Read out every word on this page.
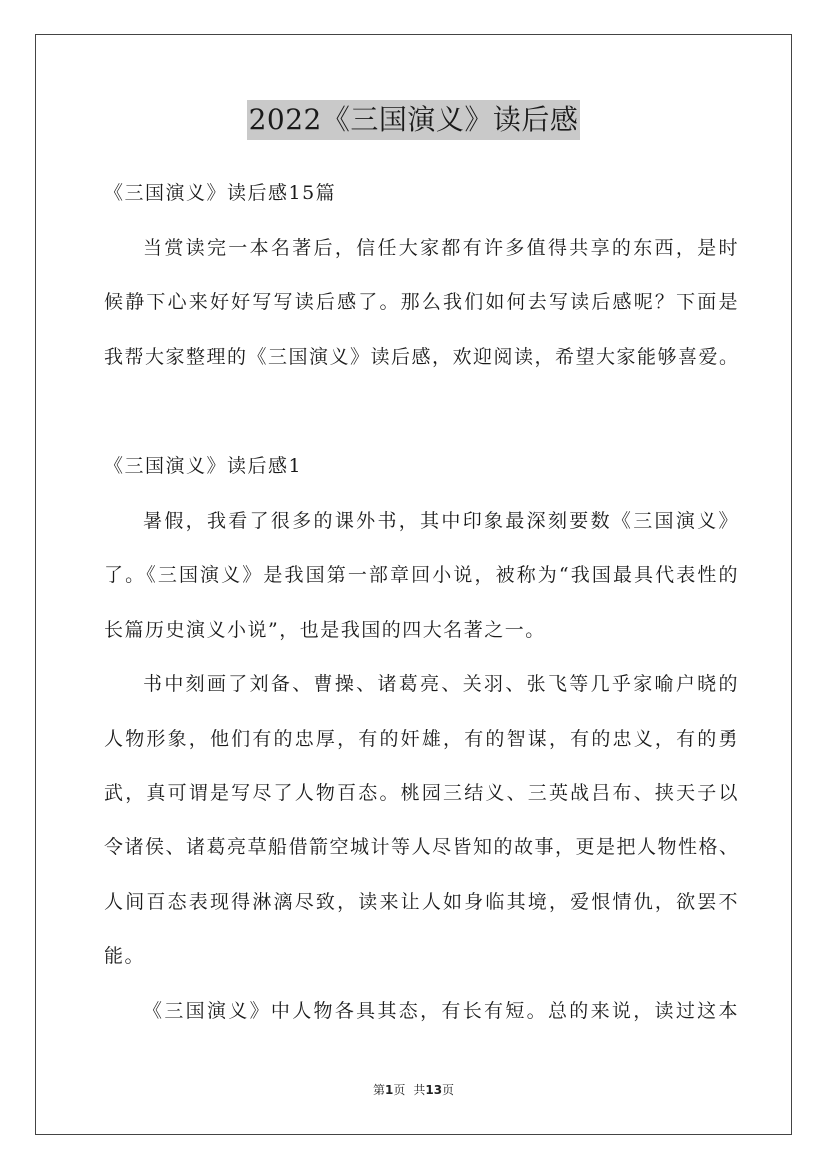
2022《三国演义》读后感
《三国演义》读后感15篇
当赏读完一本名著后，信任大家都有许多值得共享的东西，是时
候静下心来好好写写读后感了。那么我们如何去写读后感呢？下面是
我帮大家整理的《三国演义》读后感，欢迎阅读，希望大家能够喜爱。
《三国演义》读后感1
暑假，我看了很多的课外书，其中印象最深刻要数《三国演义》
了。《三国演义》是我国第一部章回小说，被称为“我国最具代表性的
长篇历史演义小说”，也是我国的四大名著之一。
书中刻画了刘备、曹操、诸葛亮、关羽、张飞等几乎家喻户晓的
人物形象，他们有的忠厚，有的奸雄，有的智谋，有的忠义，有的勇
武，真可谓是写尽了人物百态。桃园三结义、三英战吕布、挟天子以
令诸侯、诸葛亮草船借箭空城计等人尽皆知的故事，更是把人物性格、
人间百态表现得淋漓尽致，读来让人如身临其境，爱恨情仇，欲罢不
能。
《三国演义》中人物各具其态，有长有短。总的来说，读过这本
第1页 共13页
